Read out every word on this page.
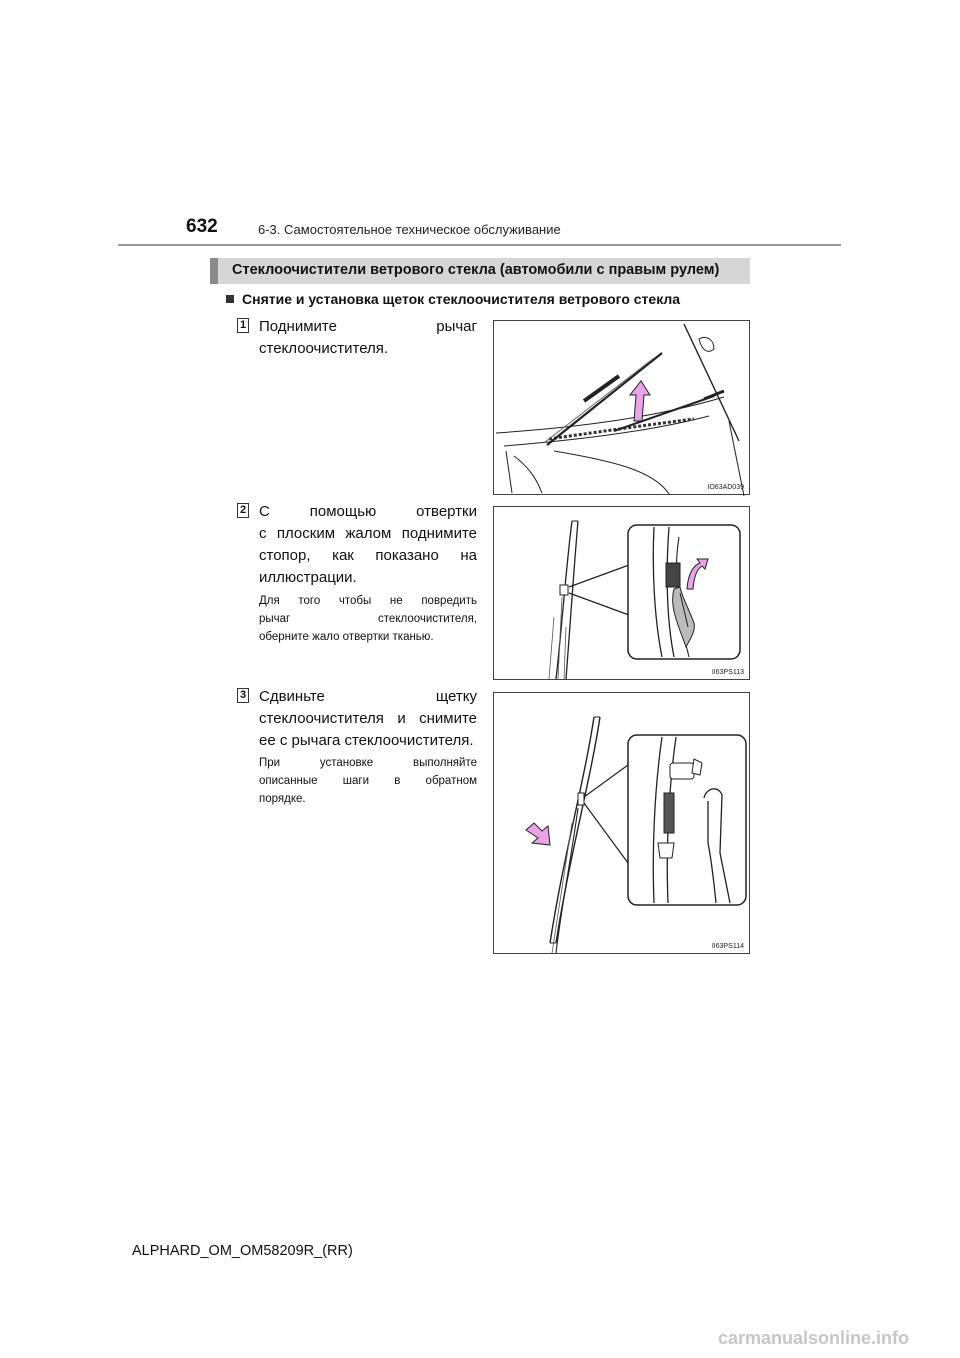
632	6-3. Самостоятельное техническое обслуживание
Стеклоочистители ветрового стекла (автомобили с правым рулем)
Снятие и установка щеток стеклоочистителя ветрового стекла
1 Поднимите рычаг
стеклоочистителя.
IO63AD039
2 С помощью отвертки
с плоским жалом поднимите
стопор, как показано на
иллюстрации.
Для того чтобы не повредить
рычаг стеклоочистителя,
оберните жало отвертки тканью.
II63PS113
3 Сдвиньте щетку
стеклоочистителя и снимите
ее с рычага стеклоочистителя.
При установке выполняйте
описанные шаги в обратном
порядке.
II63PS114
ALPHARD_OM_OM58209R_(RR)
carmanualsonline.info
